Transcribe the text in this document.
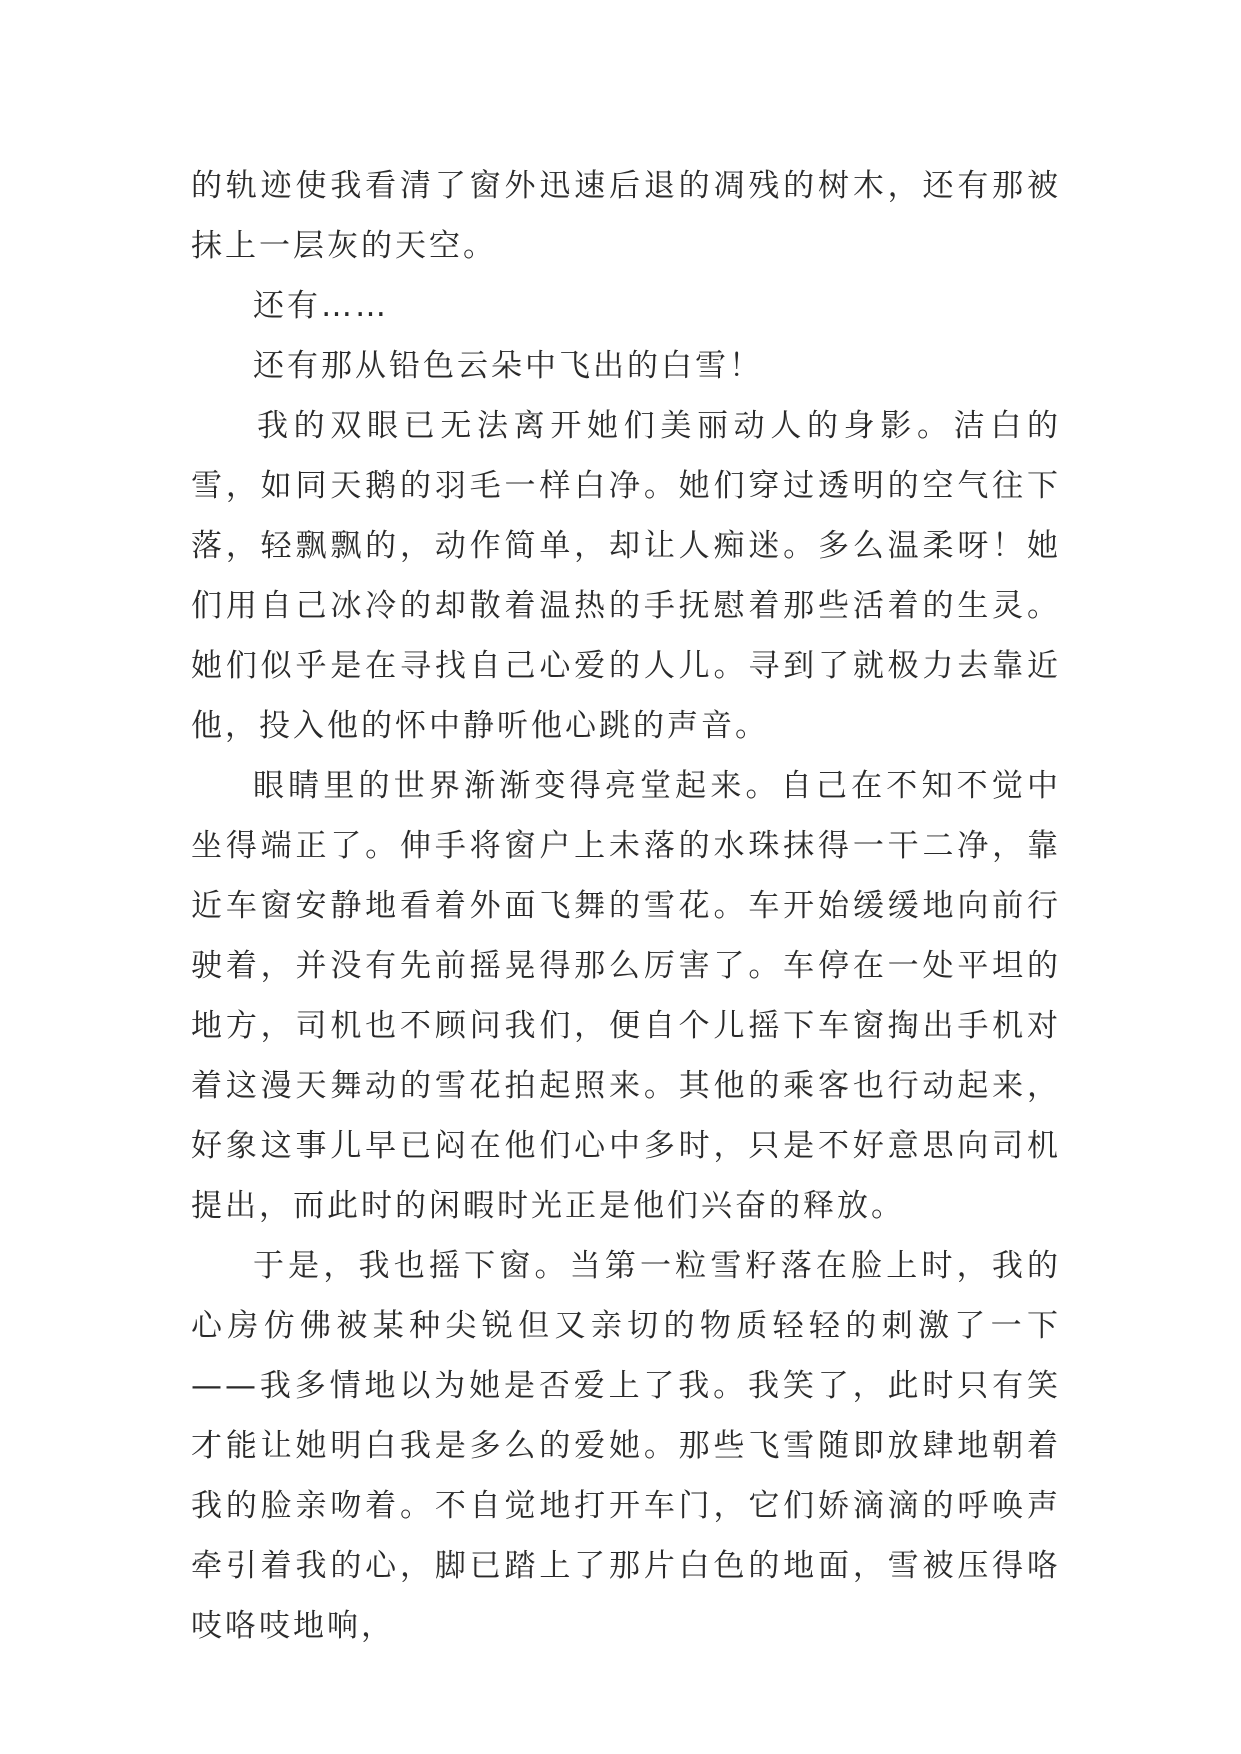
的轨迹使我看清了窗外迅速后退的凋残的树木，还有那被抹上一层灰的天空。

还有……

还有那从铅色云朵中飞出的白雪！

我的双眼已无法离开她们美丽动人的身影。洁白的雪，如同天鹅的羽毛一样白净。她们穿过透明的空气往下落，轻飘飘的，动作简单，却让人痴迷。多么温柔呀！她们用自己冰冷的却散着温热的手抚慰着那些活着的生灵。她们似乎是在寻找自己心爱的人儿。寻到了就极力去靠近他，投入他的怀中静听他心跳的声音。

眼睛里的世界渐渐变得亮堂起来。自己在不知不觉中坐得端正了。伸手将窗户上未落的水珠抹得一干二净，靠近车窗安静地看着外面飞舞的雪花。车开始缓缓地向前行驶着，并没有先前摇晃得那么厉害了。车停在一处平坦的地方，司机也不顾问我们，便自个儿摇下车窗掏出手机对着这漫天舞动的雪花拍起照来。其他的乘客也行动起来，好象这事儿早已闷在他们心中多时，只是不好意思向司机提出，而此时的闲暇时光正是他们兴奋的释放。

于是，我也摇下窗。当第一粒雪籽落在脸上时，我的心房仿佛被某种尖锐但又亲切的物质轻轻的刺激了一下——我多情地以为她是否爱上了我。我笑了，此时只有笑才能让她明白我是多么的爱她。那些飞雪随即放肆地朝着我的脸亲吻着。不自觉地打开车门，它们娇滴滴的呼唤声牵引着我的心，脚已踏上了那片白色的地面，雪被压得咯吱咯吱地响，
